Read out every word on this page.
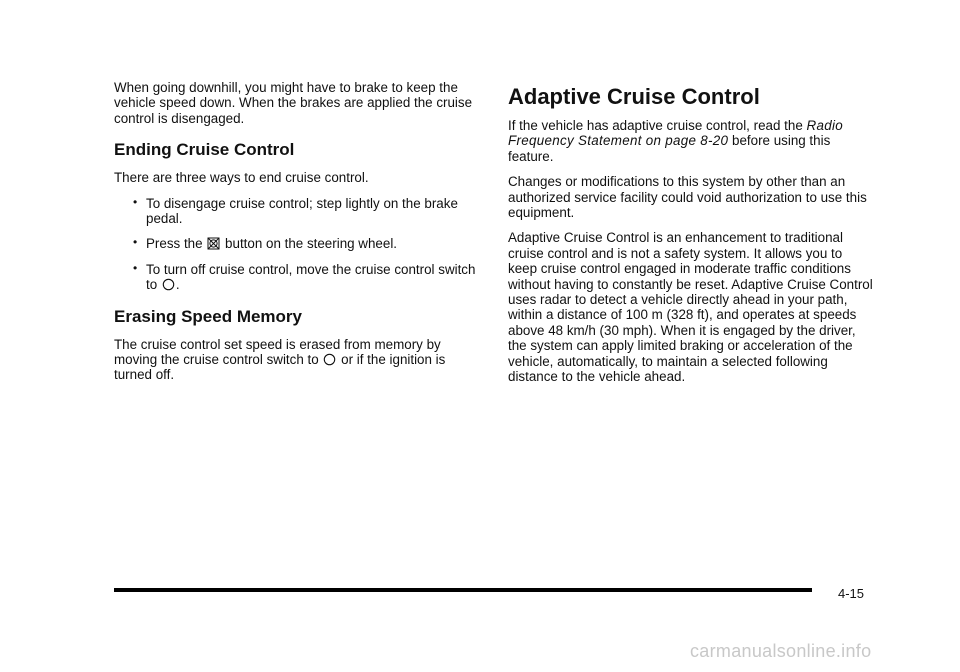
When going downhill, you might have to brake to keep the vehicle speed down. When the brakes are applied the cruise control is disengaged.

Ending Cruise Control

There are three ways to end cruise control.

• To disengage cruise control; step lightly on the brake pedal.
• Press the button on the steering wheel.
• To turn off cruise control, move the cruise control switch to .
Erasing Speed Memory

The cruise control set speed is erased from memory by moving the cruise control switch to or if the ignition is turned off.

Adaptive Cruise Control

If the vehicle has adaptive cruise control, read the Radio Frequency Statement on page 8-20 before using this feature.

Changes or modifications to this system by other than an authorized service facility could void authorization to use this equipment.

Adaptive Cruise Control is an enhancement to traditional cruise control and is not a safety system. It allows you to keep cruise control engaged in moderate traffic conditions without having to constantly be reset. Adaptive Cruise Control uses radar to detect a vehicle directly ahead in your path, within a distance of 100 m (328 ft), and operates at speeds above 48 km/h (30 mph). When it is engaged by the driver, the system can apply limited braking or acceleration of the vehicle, automatically, to maintain a selected following distance to the vehicle ahead.

4-15
carmanualsonline.info
